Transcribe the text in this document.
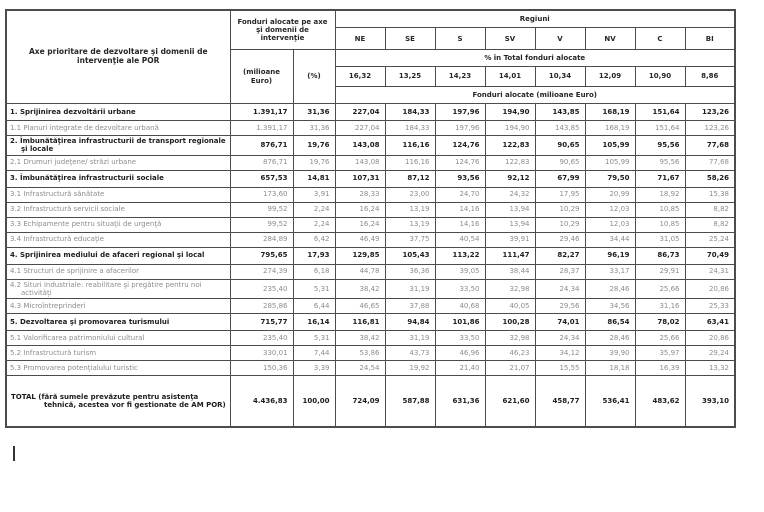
Axe prioritare de dezvoltare şi domenii de intervenţie ale POR	Fonduri alocate pe axe şi domenii de intervenţie		Regiuni							
			NE	SE	S	SV	V	NV	C	BI
	(milioane Euro)	(%)	% în Total fonduri alocate							
			16,32	13,25	14,23	14,01	10,34	12,09	10,90	8,86
			Fonduri alocate (milioane Euro)							
1. Sprijinirea dezvoltării urbane	1.391,17	31,36	227,04	184,33	197,96	194,90	143,85	168,19	151,64	123,26
1.1 Planuri integrate de dezvoltare urbană	1.391,17	31,36	227,04	184,33	197,96	194,90	143,85	168,19	151,64	123,26
2. Îmbunătăţirea infrastructurii de transport regionale şi locale	876,71	19,76	143,08	116,16	124,76	122,83	90,65	105,99	95,56	77,68
2.1 Drumuri judeţene/ străzi urbane	876,71	19,76	143,08	116,16	124,76	122,83	90,65	105,99	95,56	77,68
3. Îmbunătăţirea infrastructurii sociale	657,53	14,81	107,31	87,12	93,56	92,12	67,99	79,50	71,67	58,26
3.1 Infrastructură sănătate	173,60	3,91	28,33	23,00	24,70	24,32	17,95	20,99	18,92	15,38
3.2 Infrastructură servicii sociale	99,52	2,24	16,24	13,19	14,16	13,94	10,29	12,03	10,85	8,82
3.3 Echipamente pentru situaţii de urgenţă	99,52	2,24	16,24	13,19	14,16	13,94	10,29	12,03	10,85	8,82
3.4 Infrastructură educaţie	284,89	6,42	46,49	37,75	40,54	39,91	29,46	34,44	31,05	25,24
4. Sprijinirea mediului de afaceri regional şi local	795,65	17,93	129,85	105,43	113,22	111,47	82,27	96,19	86,73	70,49
4.1 Structuri de sprijinire a afacerilor	274,39	6,18	44,78	36,36	39,05	38,44	28,37	33,17	29,91	24,31
4.2 Situri industriale: reabilitare şi pregătire pentru noi activităţi	235,40	5,31	38,42	31,19	33,50	32,98	24,34	28,46	25,66	20,86
4.3 Microîntreprinderi	285,86	6,44	46,65	37,88	40,68	40,05	29,56	34,56	31,16	25,33
5. Dezvoltarea şi promovarea turismului	715,77	16,14	116,81	94,84	101,86	100,28	74,01	86,54	78,02	63,41
5.1 Valorificarea patrimoniului cultural	235,40	5,31	38,42	31,19	33,50	32,98	24,34	28,46	25,66	20,86
5.2 Infrastructură turism	330,01	7,44	53,86	43,73	46,96	46,23	34,12	39,90	35,97	29,24
5.3 Promovarea potenţialului turistic	150,36	3,39	24,54	19,92	21,40	21,07	15,55	18,18	16,39	13,32
TOTAL (fără sumele prevăzute pentru asistenţa tehnică, acestea vor fi gestionate de AM POR)	4.436,83	100,00	724,09	587,88	631,36	621,60	458,77	536,41	483,62	393,10
